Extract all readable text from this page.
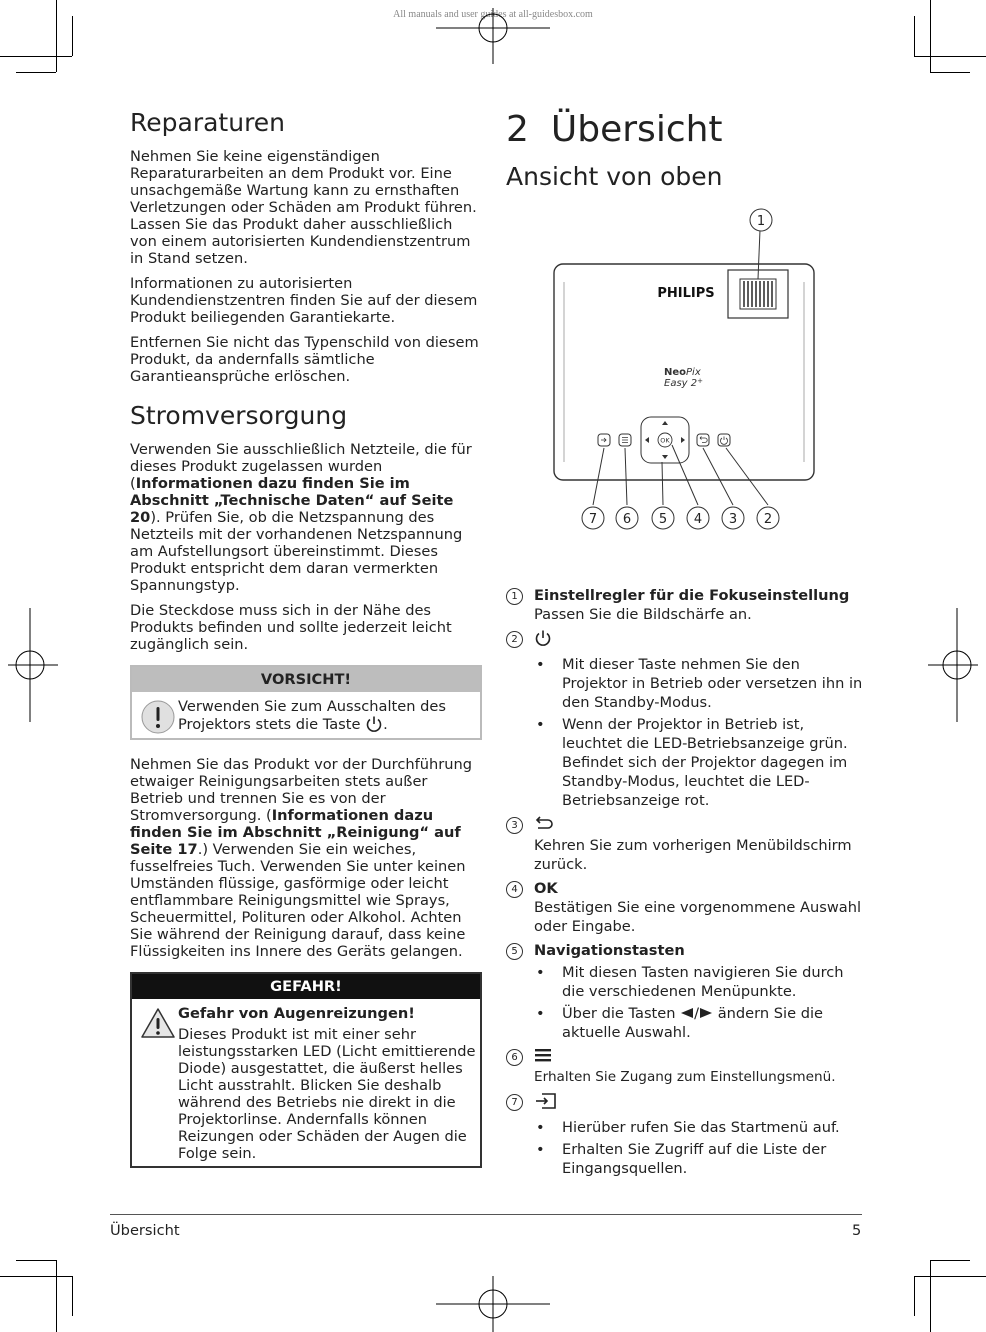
All manuals and user guides at all-guidesbox.com
Reparaturen

Nehmen Sie keine eigenständigen Reparaturarbeiten an dem Produkt vor. Eine unsachgemäße Wartung kann zu ernsthaften Verletzungen oder Schäden am Produkt führen. Lassen Sie das Produkt daher ausschließlich von einem autorisierten Kundendienstzentrum in Stand setzen.

Informationen zu autorisierten Kundendienstzentren finden Sie auf der diesem Produkt beiliegenden Garantiekarte.

Entfernen Sie nicht das Typenschild von diesem Produkt, da andernfalls sämtliche Garantieansprüche erlöschen.

Stromversorgung

Verwenden Sie ausschließlich Netzteile, die für dieses Produkt zugelassen wurden (Informationen dazu finden Sie im Abschnitt „Technische Daten“ auf Seite 20). Prüfen Sie, ob die Netzspannung des Netzteils mit der vorhandenen Netzspannung am Aufstellungsort übereinstimmt. Dieses Produkt entspricht dem daran vermerkten Spannungstyp.

Die Steckdose muss sich in der Nähe des Produkts befinden und sollte jederzeit leicht zugänglich sein.

VORSICHT!
Verwenden Sie zum Ausschalten des Projektors stets die Taste .

Nehmen Sie das Produkt vor der Durchführung etwaiger Reinigungsarbeiten stets außer Betrieb und trennen Sie es von der Stromversorgung. (Informationen dazu finden Sie im Abschnitt „Reinigung“ auf Seite 17.) Verwenden Sie ein weiches, fusselfreies Tuch. Verwenden Sie unter keinen Umständen flüssige, gasförmige oder leicht entflammbare Reinigungsmittel wie Sprays, Scheuermittel, Polituren oder Alkohol. Achten Sie während der Reinigung darauf, dass keine Flüssigkeiten ins Innere des Geräts gelangen.

GEFAHR!
Gefahr von Augenreizungen!
Dieses Produkt ist mit einer sehr leistungsstarken LED (Licht emittierende Diode) ausgestattet, die äußerst helles Licht ausstrahlt. Blicken Sie deshalb während des Betriebs nie direkt in die Projektorlinse. Andernfalls können Reizungen oder Schäden der Augen die Folge sein.
2 Übersicht
Ansicht von oben
PHILIPS
NeoPix
Easy 2+
OK
1
7 6 5 4 3 2
1	Einstellregler für die Fokuseinstellung
Passen Sie die Bildschärfe an.
2
• Mit dieser Taste nehmen Sie den Projektor in Betrieb oder versetzen ihn in den Standby-Modus.
• Wenn der Projektor in Betrieb ist, leuchtet die LED-Betriebsanzeige grün. Befindet sich der Projektor dagegen im Standby-Modus, leuchtet die LED-Betriebsanzeige rot.
3
Kehren Sie zum vorherigen Menübildschirm zurück.
4	OK
Bestätigen Sie eine vorgenommene Auswahl oder Eingabe.
5	Navigationstasten
• Mit diesen Tasten navigieren Sie durch die verschiedenen Menüpunkte.
• Über die Tasten / ändern Sie die aktuelle Auswahl.
6
Erhalten Sie Zugang zum Einstellungsmenü.
7
• Hierüber rufen Sie das Startmenü auf.
• Erhalten Sie Zugriff auf die Liste der Eingangsquellen.
Übersicht	5
